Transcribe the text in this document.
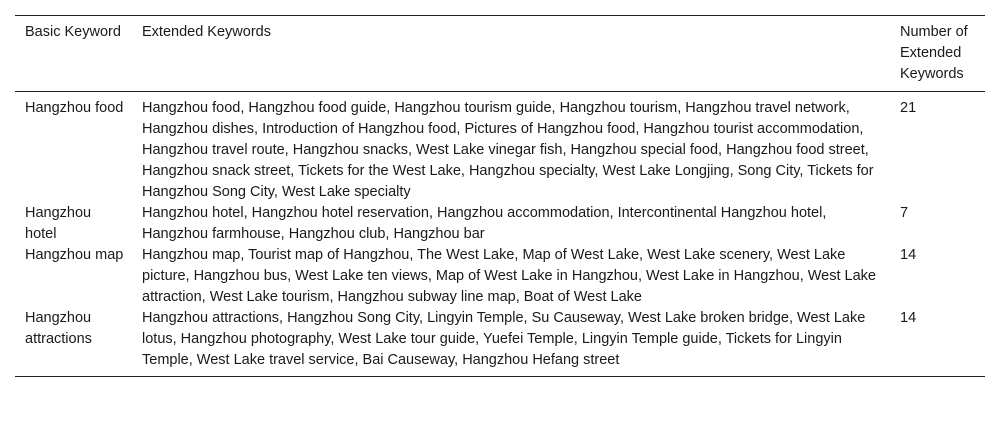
Basic Keyword	Extended Keywords	Number of Extended Keywords
Hangzhou food	Hangzhou food, Hangzhou food guide, Hangzhou tourism guide, Hangzhou tourism, Hangzhou travel network, Hangzhou dishes, Introduction of Hangzhou food, Pictures of Hangzhou food, Hangzhou tourist accommodation, Hangzhou travel route, Hangzhou snacks, West Lake vinegar fish, Hangzhou special food, Hangzhou food street, Hangzhou snack street, Tickets for the West Lake, Hangzhou specialty, West Lake Longjing, Song City, Tickets for Hangzhou Song City, West Lake specialty	21
Hangzhou hotel	Hangzhou hotel, Hangzhou hotel reservation, Hangzhou accommodation, Intercontinental Hangzhou hotel, Hangzhou farmhouse, Hangzhou club, Hangzhou bar	7
Hangzhou map	Hangzhou map, Tourist map of Hangzhou, The West Lake, Map of West Lake, West Lake scenery, West Lake picture, Hangzhou bus, West Lake ten views, Map of West Lake in Hangzhou, West Lake in Hangzhou, West Lake attraction, West Lake tourism, Hangzhou subway line map, Boat of West Lake	14
Hangzhou attractions	Hangzhou attractions, Hangzhou Song City, Lingyin Temple, Su Causeway, West Lake broken bridge, West Lake lotus, Hangzhou photography, West Lake tour guide, Yuefei Temple, Lingyin Temple guide, Tickets for Lingyin Temple, West Lake travel service, Bai Causeway, Hangzhou Hefang street	14
